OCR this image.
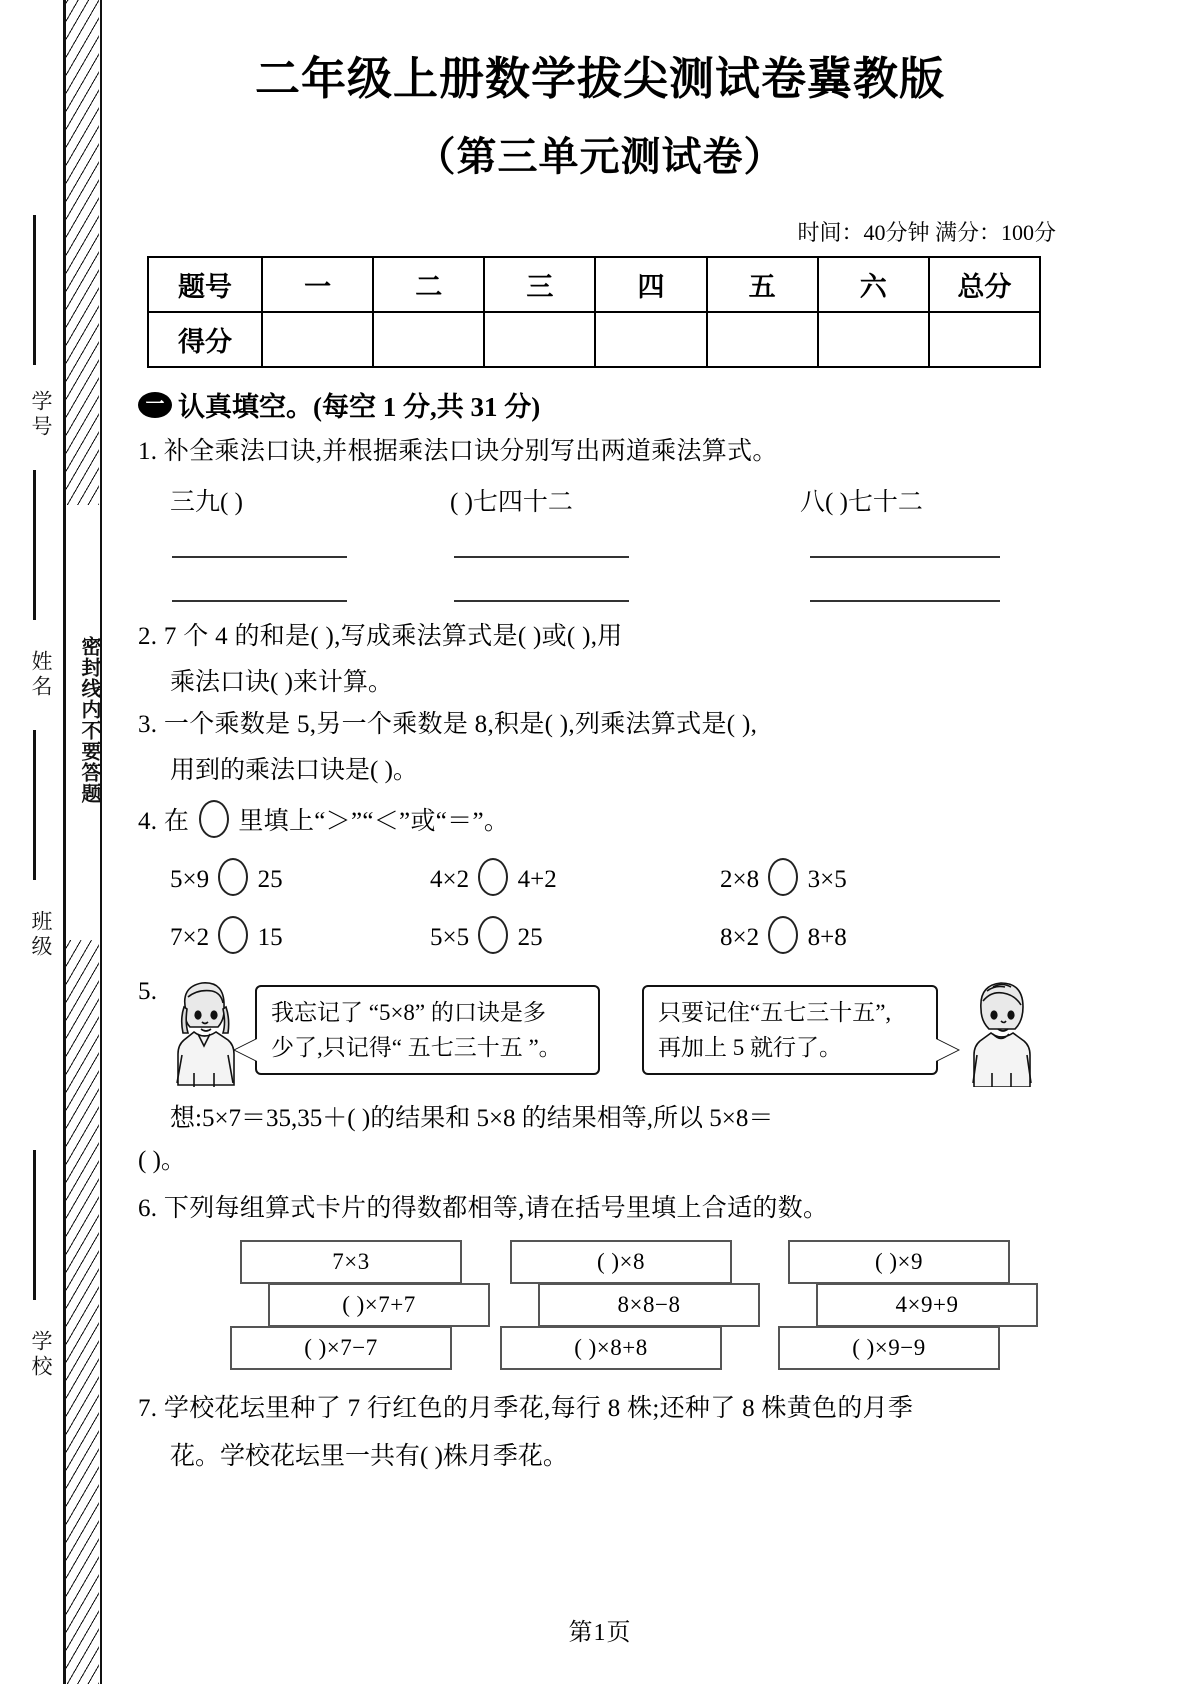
密封线内不要答题
学号
姓名
班级
学校
二年级上册数学拔尖测试卷冀教版
（第三单元测试卷）
时间：40分钟 满分：100分
题号	一	二	三	四	五	六	总分
得分							
一 认真填空。(每空 1 分,共 31 分)
1. 补全乘法口诀,并根据乘法口诀分别写出两道乘法算式。
三九( )	( )七四十二	八( )七十二
2. 7 个 4 的和是( ),写成乘法算式是( )或( ),用
乘法口诀( )来计算。
3. 一个乘数是 5,另一个乘数是 8,积是( ),列乘法算式是( ),
用到的乘法口诀是( )。
4. 在 里填上“＞”“＜”或“＝”。
5×9 25	4×2 4+2	2×8 3×5
7×2 15	5×5 25	8×2 8+8
5.
我忘记了 “5×8” 的口诀是多
少了,只记得“ 五七三十五 ”。
只要记住“五七三十五”,
再加上 5 就行了。
想:5×7＝35,35＋( )的结果和 5×8 的结果相等,所以 5×8＝
( )。
6. 下列每组算式卡片的得数都相等,请在括号里填上合适的数。
7×3
( )×7+7
( )×7−7
( )×8
8×8−8
( )×8+8
( )×9
4×9+9
( )×9−9
7. 学校花坛里种了 7 行红色的月季花,每行 8 株;还种了 8 株黄色的月季
花。学校花坛里一共有( )株月季花。
第1页
